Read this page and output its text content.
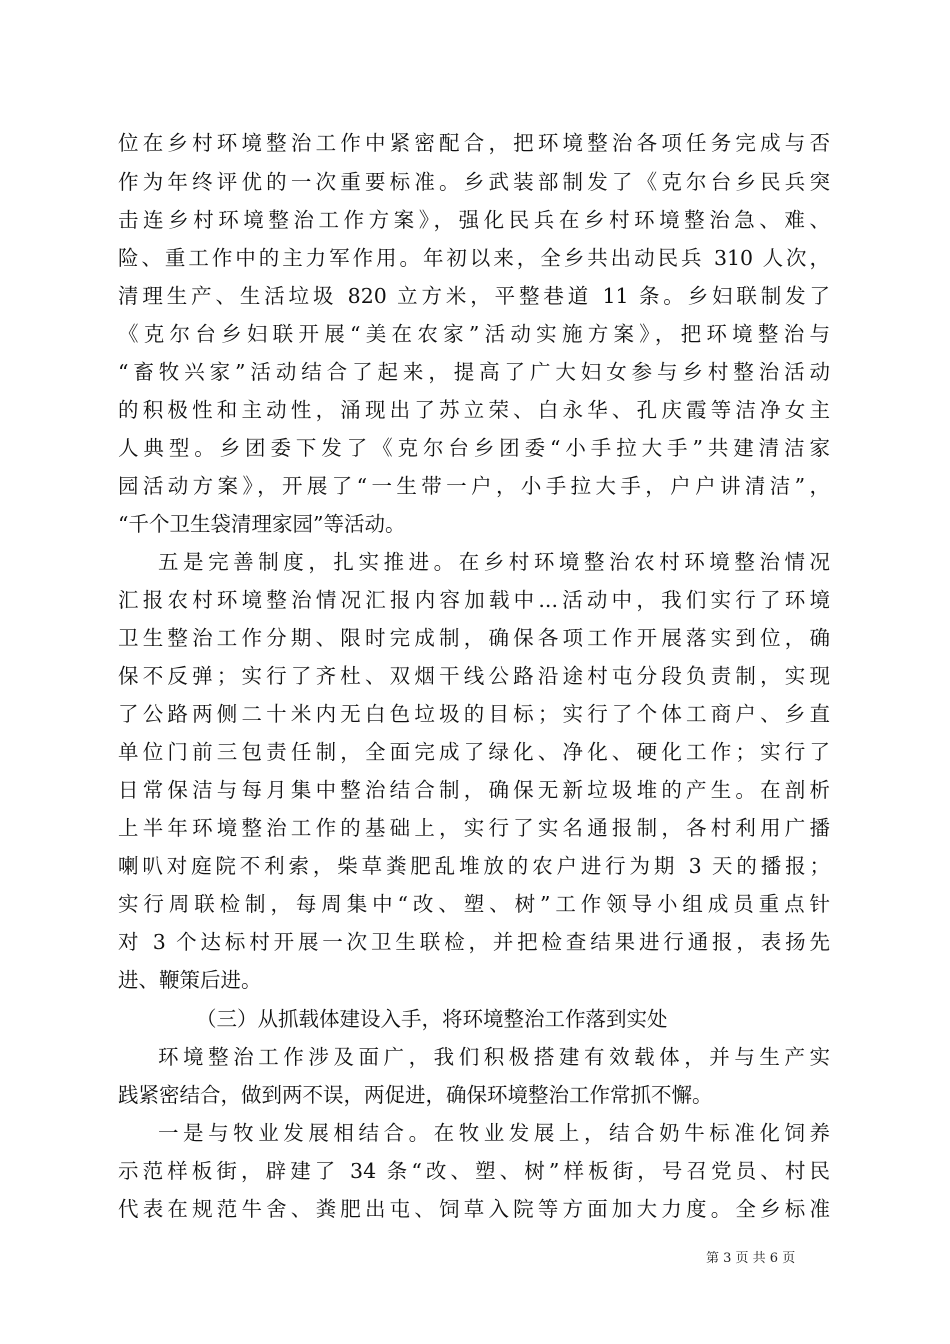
位在乡村环境整治工作中紧密配合，把环境整治各项任务完成与否
作为年终评优的一次重要标准。乡武装部制发了《克尔台乡民兵突
击连乡村环境整治工作方案》，强化民兵在乡村环境整治急、难、
险、重工作中的主力军作用。年初以来，全乡共出动民兵 310 人次，
清理生产、生活垃圾 820 立方米，平整巷道 11 条。乡妇联制发了
《克尔台乡妇联开展“美在农家”活动实施方案》，把环境整治与
“畜牧兴家”活动结合了起来，提高了广大妇女参与乡村整治活动
的积极性和主动性，涌现出了苏立荣、白永华、孔庆霞等洁净女主
人典型。乡团委下发了《克尔台乡团委“小手拉大手”共建清洁家
园活动方案》，开展了“一生带一户，小手拉大手，户户讲清洁”，
“千个卫生袋清理家园”等活动。
五是完善制度，扎实推进。在乡村环境整治农村环境整治情况
汇报农村环境整治情况汇报内容加载中...活动中，我们实行了环境
卫生整治工作分期、限时完成制，确保各项工作开展落实到位，确
保不反弹；实行了齐杜、双烟干线公路沿途村屯分段负责制，实现
了公路两侧二十米内无白色垃圾的目标；实行了个体工商户、乡直
单位门前三包责任制，全面完成了绿化、净化、硬化工作；实行了
日常保洁与每月集中整治结合制，确保无新垃圾堆的产生。在剖析
上半年环境整治工作的基础上，实行了实名通报制，各村利用广播
喇叭对庭院不利索，柴草粪肥乱堆放的农户进行为期 3 天的播报；
实行周联检制，每周集中“改、塑、树”工作领导小组成员重点针
对 3 个达标村开展一次卫生联检，并把检查结果进行通报，表扬先
进、鞭策后进。
（三）从抓载体建设入手，将环境整治工作落到实处
环境整治工作涉及面广，我们积极搭建有效载体，并与生产实
践紧密结合，做到两不误，两促进，确保环境整治工作常抓不懈。
一是与牧业发展相结合。在牧业发展上，结合奶牛标准化饲养
示范样板街，辟建了 34 条“改、塑、树”样板街，号召党员、村民
代表在规范牛舍、粪肥出屯、饲草入院等方面加大力度。全乡标准
第 3 页 共 6 页
